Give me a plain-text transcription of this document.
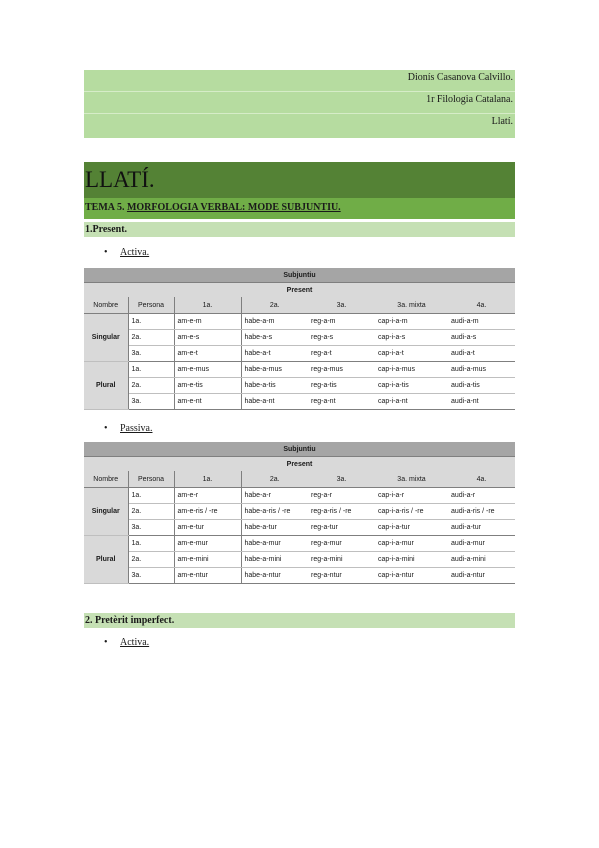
Dionís Casanova Calvillo.
1r Filologia Catalana.
Llatí.
LLATÍ.
TEMA 5. MORFOLOGIA VERBAL: MODE SUBJUNTIU.
1.Present.
• Activa.
Subjuntiu						
Present						
Nombre	Persona	1a.	2a.	3a.	3a. mixta	4a.
Singular	1a.	am-e-m	habe-a-m	reg-a-m	cap-i-a-m	audi-a-m
	2a.	am-e-s	habe-a-s	reg-a-s	cap-i-a-s	audi-a-s
	3a.	am-e-t	habe-a-t	reg-a-t	cap-i-a-t	audi-a-t
Plural	1a.	am-e-mus	habe-a-mus	reg-a-mus	cap-i-a-mus	audi-a-mus
	2a.	am-e-tis	habe-a-tis	reg-a-tis	cap-i-a-tis	audi-a-tis
	3a.	am-e-nt	habe-a-nt	reg-a-nt	cap-i-a-nt	audi-a-nt
• Passiva.
Subjuntiu						
Present						
Nombre	Persona	1a.	2a.	3a.	3a. mixta	4a.
Singular	1a.	am-e-r	habe-a-r	reg-a-r	cap-i-a-r	audi-a-r
	2a.	am-e-ris / -re	habe-a-ris / -re	reg-a-ris / -re	cap-i-a-ris / -re	audi-a-ris / -re
	3a.	am-e-tur	habe-a-tur	reg-a-tur	cap-i-a-tur	audi-a-tur
Plural	1a.	am-e-mur	habe-a-mur	reg-a-mur	cap-i-a-mur	audi-a-mur
	2a.	am-e-mini	habe-a-mini	reg-a-mini	cap-i-a-mini	audi-a-mini
	3a.	am-e-ntur	habe-a-ntur	reg-a-ntur	cap-i-a-ntur	audi-a-ntur
2. Pretèrit imperfect.
• Activa.
